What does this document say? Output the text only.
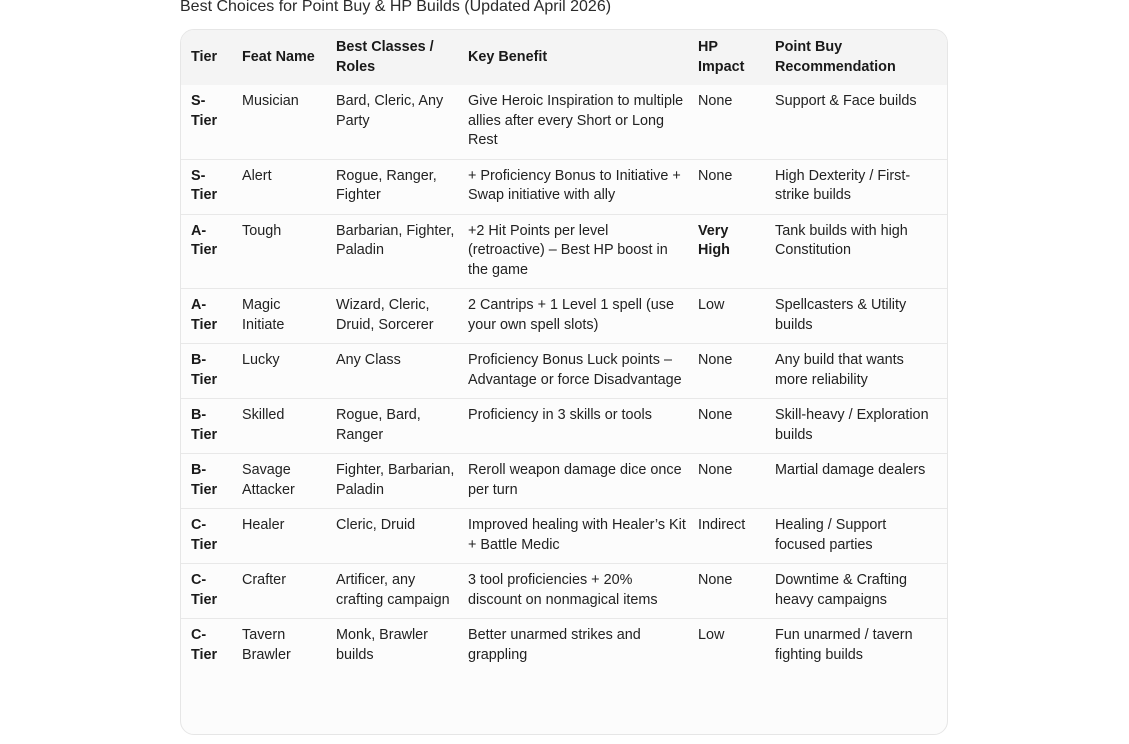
Best Choices for Point Buy & HP Builds (Updated April 2026)
Tier	Feat Name	Best Classes / Roles	Key Benefit	HP Impact	Point Buy Recommendation
S-Tier	Musician	Bard, Cleric, Any Party	Give Heroic Inspiration to multiple allies after every Short or Long Rest	None	Support & Face builds
S-Tier	Alert	Rogue, Ranger, Fighter	+ Proficiency Bonus to Initiative + Swap initiative with ally	None	High Dexterity / First-strike builds
A-Tier	Tough	Barbarian, Fighter, Paladin	+2 Hit Points per level (retroactive) – Best HP boost in the game	Very High	Tank builds with high Constitution
A-Tier	Magic Initiate	Wizard, Cleric, Druid, Sorcerer	2 Cantrips + 1 Level 1 spell (use your own spell slots)	Low	Spellcasters & Utility builds
B-Tier	Lucky	Any Class	Proficiency Bonus Luck points – Advantage or force Disadvantage	None	Any build that wants more reliability
B-Tier	Skilled	Rogue, Bard, Ranger	Proficiency in 3 skills or tools	None	Skill-heavy / Exploration builds
B-Tier	Savage Attacker	Fighter, Barbarian, Paladin	Reroll weapon damage dice once per turn	None	Martial damage dealers
C-Tier	Healer	Cleric, Druid	Improved healing with Healer’s Kit + Battle Medic	Indirect	Healing / Support focused parties
C-Tier	Crafter	Artificer, any crafting campaign	3 tool proficiencies + 20% discount on nonmagical items	None	Downtime & Crafting heavy campaigns
C-Tier	Tavern Brawler	Monk, Brawler builds	Better unarmed strikes and grappling	Low	Fun unarmed / tavern fighting builds
